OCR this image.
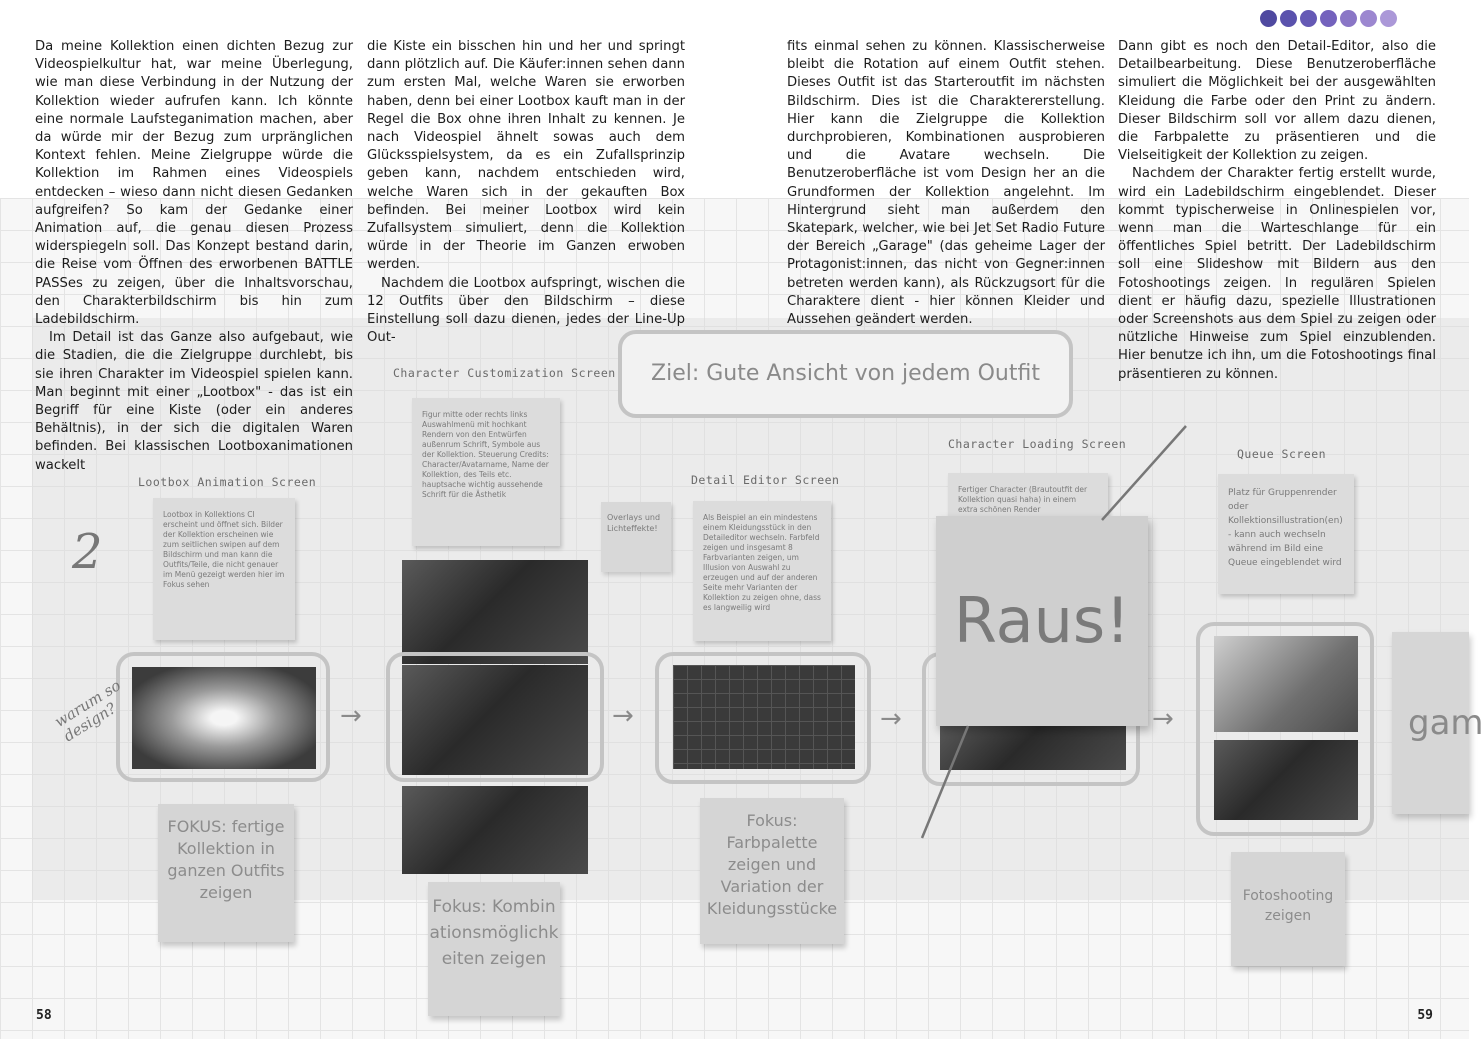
Ziel: Gute Ansicht von jedem Outfit
Lootbox Animation Screen
Character Customization Screen
Detail Editor Screen
Character Loading Screen
Queue Screen
Lootbox in Kollektions CI erscheint und öffnet sich. Bilder der Kollektion erscheinen wie zum seitlichen swipen auf dem Bildschirm und man kann die Outfits/Teile, die nicht genauer im Menü gezeigt werden hier im Fokus sehen
Figur mitte oder rechts links Auswahlmenü mit hochkant Rendern von den Entwürfen außenrum Schrift, Symbole aus der Kollektion. Steuerung Credits: Character/Avatarname, Name der Kollektion, des Teils etc. hauptsache wichtig aussehende Schrift für die Ästhetik
Overlays und Lichteffekte!
Als Beispiel an ein mindestens einem Kleidungsstück in den Detaileditor wechseln. Farbfeld zeigen und insgesamt 8 Farbvarianten zeigen, um Illusion von Auswahl zu erzeugen und auf der anderen Seite mehr Varianten der Kollektion zu zeigen ohne, dass es langweilig wird
Fertiger Character (Brautoutfit der Kollektion quasi haha) in einem extra schönen Render
Platz für Gruppenrender oder Kollektionsillustration(en) - kann auch wechseln während im Bild eine Queue eingeblendet wird
→	→	→
Raus!
→	gam
FOKUS: fertige Kollektion in ganzen Outfits zeigen
Fokus: Kombinationsmöglichkeiten zeigen
Fokus: Farbpalette zeigen und Variation der Kleidungsstücke
Fotoshooting zeigen
2
warum so design?

Da meine Kollektion einen dichten Bezug zur Videospielkultur hat, war meine Überlegung, wie man diese Verbindung in der Nutzung der Kollektion wieder aufrufen kann. Ich könnte eine normale Laufsteganimation machen, aber da würde mir der Bezug zum urpränglichen Kontext fehlen. Meine Zielgruppe würde die Kollektion im Rahmen eines Videospiels entdecken – wieso dann nicht diesen Gedanken aufgreifen? So kam der Gedanke einer Animation auf, die genau diesen Prozess widerspiegeln soll. Das Konzept bestand darin, die Reise vom Öffnen des erworbenen BATTLE PASSes zu zeigen, über die Inhaltsvorschau, den Charakterbildschirm bis hin zum Ladebildschirm.

Im Detail ist das Ganze also aufgebaut, wie die Stadien, die die Zielgruppe durchlebt, bis sie ihren Charakter im Videospiel spielen kann. Man beginnt mit einer „Lootbox" - das ist ein Begriff für eine Kiste (oder ein anderes Behältnis), in der sich die digitalen Waren befinden. Bei klassischen Lootboxanimationen wackelt

die Kiste ein bisschen hin und her und springt dann plötzlich auf. Die Käufer:innen sehen dann zum ersten Mal, welche Waren sie erworben haben, denn bei einer Lootbox kauft man in der Regel die Box ohne ihren Inhalt zu kennen. Je nach Videospiel ähnelt sowas auch dem Glücksspielsystem, da es ein Zufallsprinzip geben kann, nachdem entschieden wird, welche Waren sich in der gekauften Box befinden. Bei meiner Lootbox wird kein Zufallsystem simuliert, denn die Kollektion würde in der Theorie im Ganzen erwoben werden.

Nachdem die Lootbox aufspringt, wischen die 12 Outfits über den Bildschirm – diese Einstellung soll dazu dienen, jedes der Line-Up Out-

fits einmal sehen zu können. Klassischerweise bleibt die Rotation auf einem Outfit stehen. Dieses Outfit ist das Starteroutfit im nächsten Bildschirm. Dies ist die Charaktererstellung. Hier kann die Zielgruppe die Kollektion durchprobieren, Kombinationen ausprobieren und die Avatare wechseln. Die Benutzeroberfläche ist vom Design her an die Grundformen der Kollektion angelehnt. Im Hintergrund sieht man außerdem den Skatepark, welcher, wie bei Jet Set Radio Future der Bereich „Garage" (das geheime Lager der Protagonist:innen, das nicht von Gegner:innen betreten werden kann), als Rückzugsort für die Charaktere dient - hier können Kleider und Aussehen geändert werden.

Dann gibt es noch den Detail-Editor, also die Detailbearbeitung. Diese Benutzeroberfläche simuliert die Möglichkeit bei der ausgewählten Kleidung die Farbe oder den Print zu ändern. Dieser Bildschirm soll vor allem dazu dienen, die Farbpalette zu präsentieren und die Vielseitigkeit der Kollektion zu zeigen.

Nachdem der Charakter fertig erstellt wurde, wird ein Ladebildschirm eingeblendet. Dieser kommt typischerweise in Onlinespielen vor, wenn man die Warteschlange für ein öffentliches Spiel betritt. Der Ladebildschirm soll eine Slideshow mit Bildern aus den Fotoshootings zeigen. In regulären Spielen dient er häufig dazu, spezielle Illustrationen oder Screenshots aus dem Spiel zu zeigen oder nützliche Hinweise zum Spiel einzublenden. Hier benutze ich ihn, um die Fotoshootings final präsentieren zu können.

58	59
